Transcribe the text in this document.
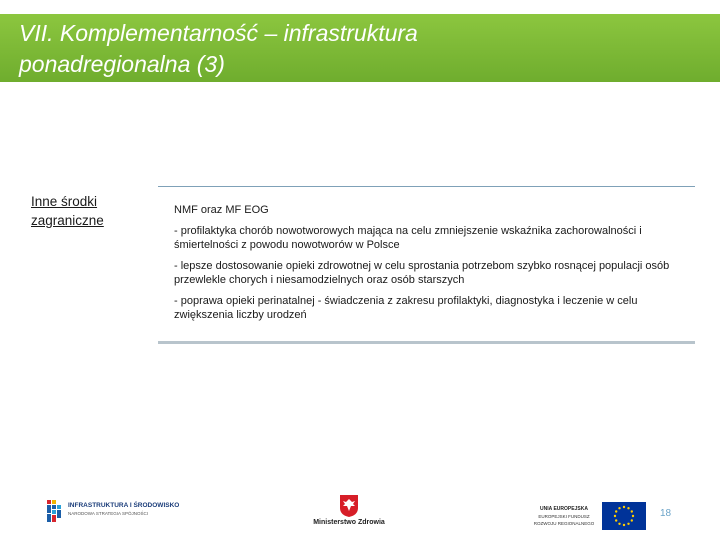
VII. Komplementarność – infrastruktura
ponadregionalna (3)
Inne środki
zagraniczne

NMF oraz MF EOG

- profilaktyka chorób nowotworowych mająca na celu zmniejszenie wskaźnika zachorowalności i śmiertelności z powodu nowotworów w Polsce

- lepsze dostosowanie opieki zdrowotnej w celu sprostania potrzebom szybko rosnącej populacji osób przewlekle chorych i niesamodzielnych oraz osób starszych

- poprawa opieki perinatalnej - świadczenia z zakresu profilaktyki, diagnostyka i leczenie w celu zwiększenia liczby urodzeń

INFRASTRUKTURA I ŚRODOWISKO
NARODOWA STRATEGIA SPÓJNOŚCI
Ministerstwo Zdrowia
UNIA EUROPEJSKA
EUROPEJSKI FUNDUSZ
ROZWOJU REGIONALNEGO
18
